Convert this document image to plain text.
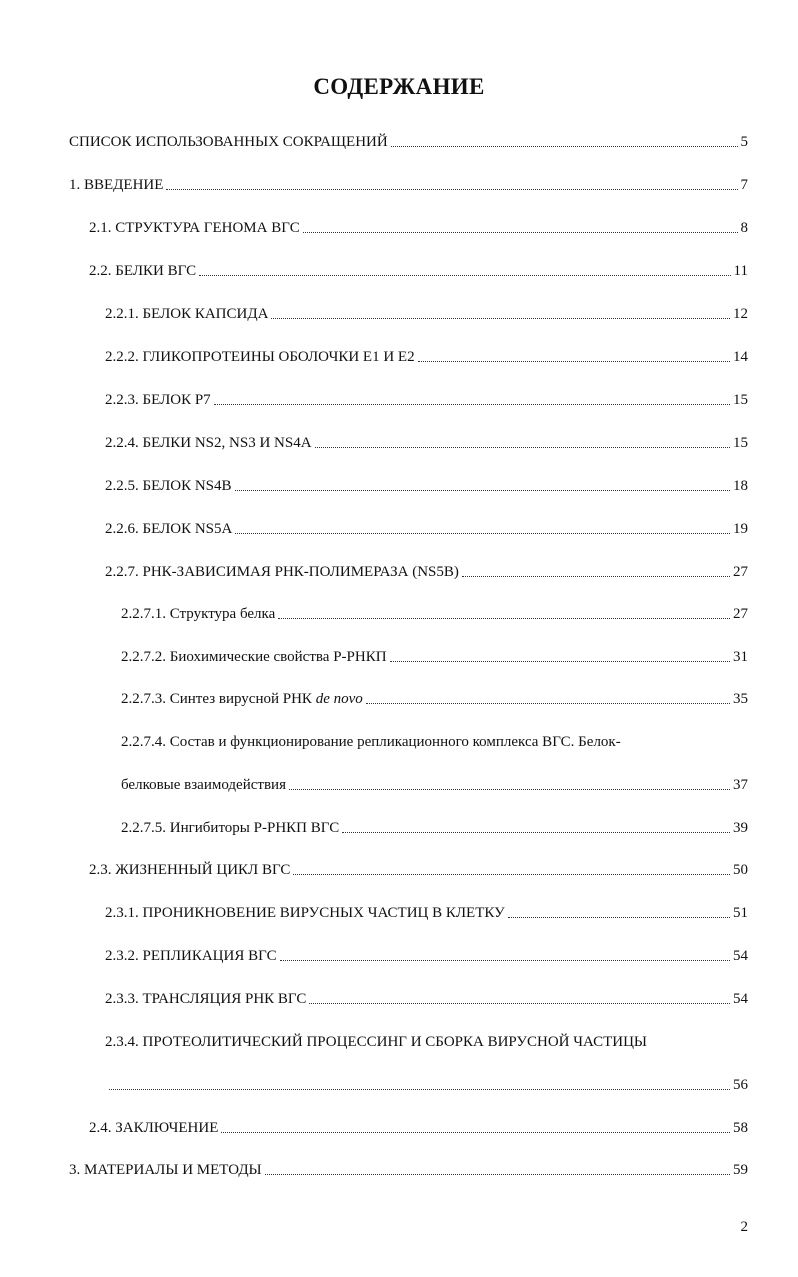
СОДЕРЖАНИЕ
СПИСОК ИСПОЛЬЗОВАННЫХ СОКРАЩЕНИЙ	5
1. ВВЕДЕНИЕ	7
2.1. СТРУКТУРА ГЕНОМА ВГС	8
2.2. БЕЛКИ ВГС	11
2.2.1. БЕЛОК КАПСИДА	12
2.2.2. ГЛИКОПРОТЕИНЫ ОБОЛОЧКИ Е1 И Е2	14
2.2.3. БЕЛОК Р7	15
2.2.4. БЕЛКИ NS2, NS3 И NS4A	15
2.2.5. БЕЛОК NS4B	18
2.2.6. БЕЛОК NS5A	19
2.2.7. РНК-ЗАВИСИМАЯ РНК-ПОЛИМЕРАЗА (NS5B)	27
2.2.7.1. Структура белка	27
2.2.7.2. Биохимические свойства Р-РНКП	31
2.2.7.3. Синтез вирусной РНК de novo	35
2.2.7.4. Состав и функционирование репликационного комплекса ВГС. Белок-
белковые взаимодействия	37
2.2.7.5. Ингибиторы Р-РНКП ВГС	39
2.3. ЖИЗНЕННЫЙ ЦИКЛ ВГС	50
2.3.1. ПРОНИКНОВЕНИЕ ВИРУСНЫХ ЧАСТИЦ В КЛЕТКУ	51
2.3.2. РЕПЛИКАЦИЯ ВГС	54
2.3.3. ТРАНСЛЯЦИЯ РНК ВГС	54
2.3.4. ПРОТЕОЛИТИЧЕСКИЙ ПРОЦЕССИНГ И СБОРКА ВИРУСНОЙ ЧАСТИЦЫ
56
2.4. ЗАКЛЮЧЕНИЕ	58
3. МАТЕРИАЛЫ И МЕТОДЫ	59
2
